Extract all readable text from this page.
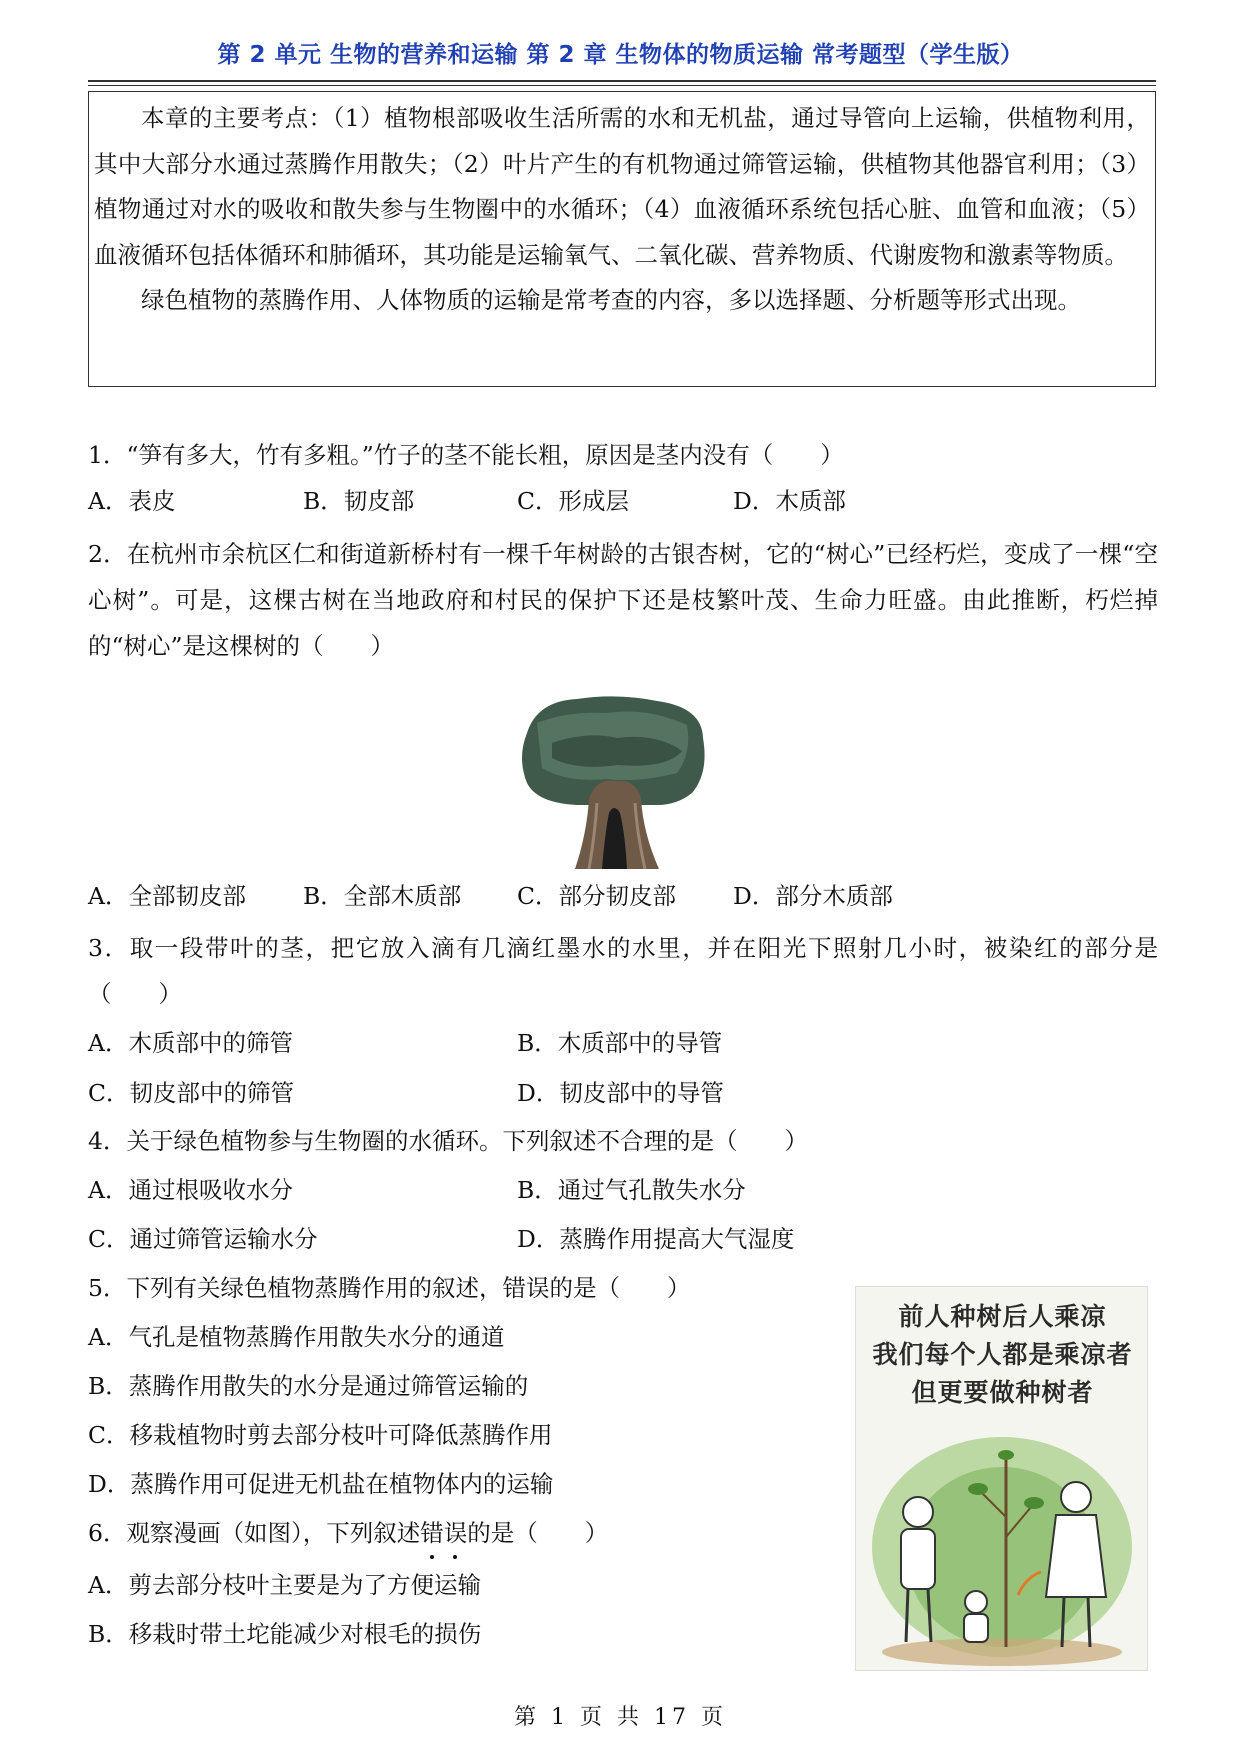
第 2 单元 生物的营养和运输 第 2 章 生物体的物质运输 常考题型（学生版）

本章的主要考点：（1）植物根部吸收生活所需的水和无机盐，通过导管向上运输，供植物利用，其中大部分水通过蒸腾作用散失；（2）叶片产生的有机物通过筛管运输，供植物其他器官利用；（3）植物通过对水的吸收和散失参与生物圈中的水循环；（4）血液循环系统包括心脏、血管和血液；（5）血液循环包括体循环和肺循环，其功能是运输氧气、二氧化碳、营养物质、代谢废物和激素等物质。

绿色植物的蒸腾作用、人体物质的运输是常考查的内容，多以选择题、分析题等形式出现。

1．“笋有多大，竹有多粗。”竹子的茎不能长粗，原因是茎内没有（　　）
A．表皮	B．韧皮部	C．形成层	D．木质部
2．在杭州市余杭区仁和街道新桥村有一棵千年树龄的古银杏树，它的“树心”已经朽烂，变成了一棵“空心树”。可是，这棵古树在当地政府和村民的保护下还是枝繁叶茂、生命力旺盛。由此推断，朽烂掉的“树心”是这棵树的（　　）
A．全部韧皮部 B．全部木质部 C．部分韧皮部 D．部分木质部
3．取一段带叶的茎，把它放入滴有几滴红墨水的水里，并在阳光下照射几小时，被染红的部分是（　　）
A．木质部中的筛管	B．木质部中的导管
C．韧皮部中的筛管	D．韧皮部中的导管
4．关于绿色植物参与生物圈的水循环。下列叙述不合理的是（　　）
A．通过根吸收水分	B．通过气孔散失水分
C．通过筛管运输水分	D．蒸腾作用提高大气湿度
5．下列有关绿色植物蒸腾作用的叙述，错误的是（　　）
A．气孔是植物蒸腾作用散失水分的通道
B．蒸腾作用散失的水分是通过筛管运输的
C．移栽植物时剪去部分枝叶可降低蒸腾作用
D．蒸腾作用可促进无机盐在植物体内的运输
6．观察漫画（如图），下列叙述错误的是（　　）
A．剪去部分枝叶主要是为了方便运输
B．移栽时带土坨能减少对根毛的损伤
前人种树后人乘凉
我们每个人都是乘凉者
但更要做种树者
第 1 页 共 17 页
